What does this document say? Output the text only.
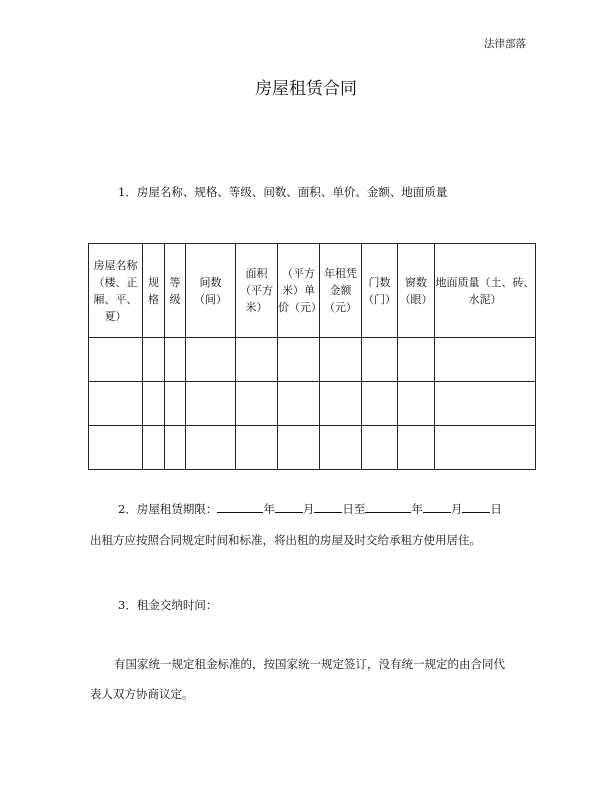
法律部落
房屋租赁合同
1．房屋名称、规格、等级、间数、面积、单价、金额、地面质量
房屋名称（楼、正厢、平、夏）	规格	等级	间数（间）	面积（平方米）	（平方米）单价（元）	年租凭金额（元）	门数（门）	窗数（眼）	地面质量（土、砖、水泥）

2．房屋租赁期限：	年 月 日至	年 月 日
出租方应按照合同规定时间和标准，将出租的房屋及时交给承租方使用居住。
3．租金交纳时间：
有国家统一规定租金标准的，按国家统一规定签订，没有统一规定的由合同代
表人双方协商议定。
